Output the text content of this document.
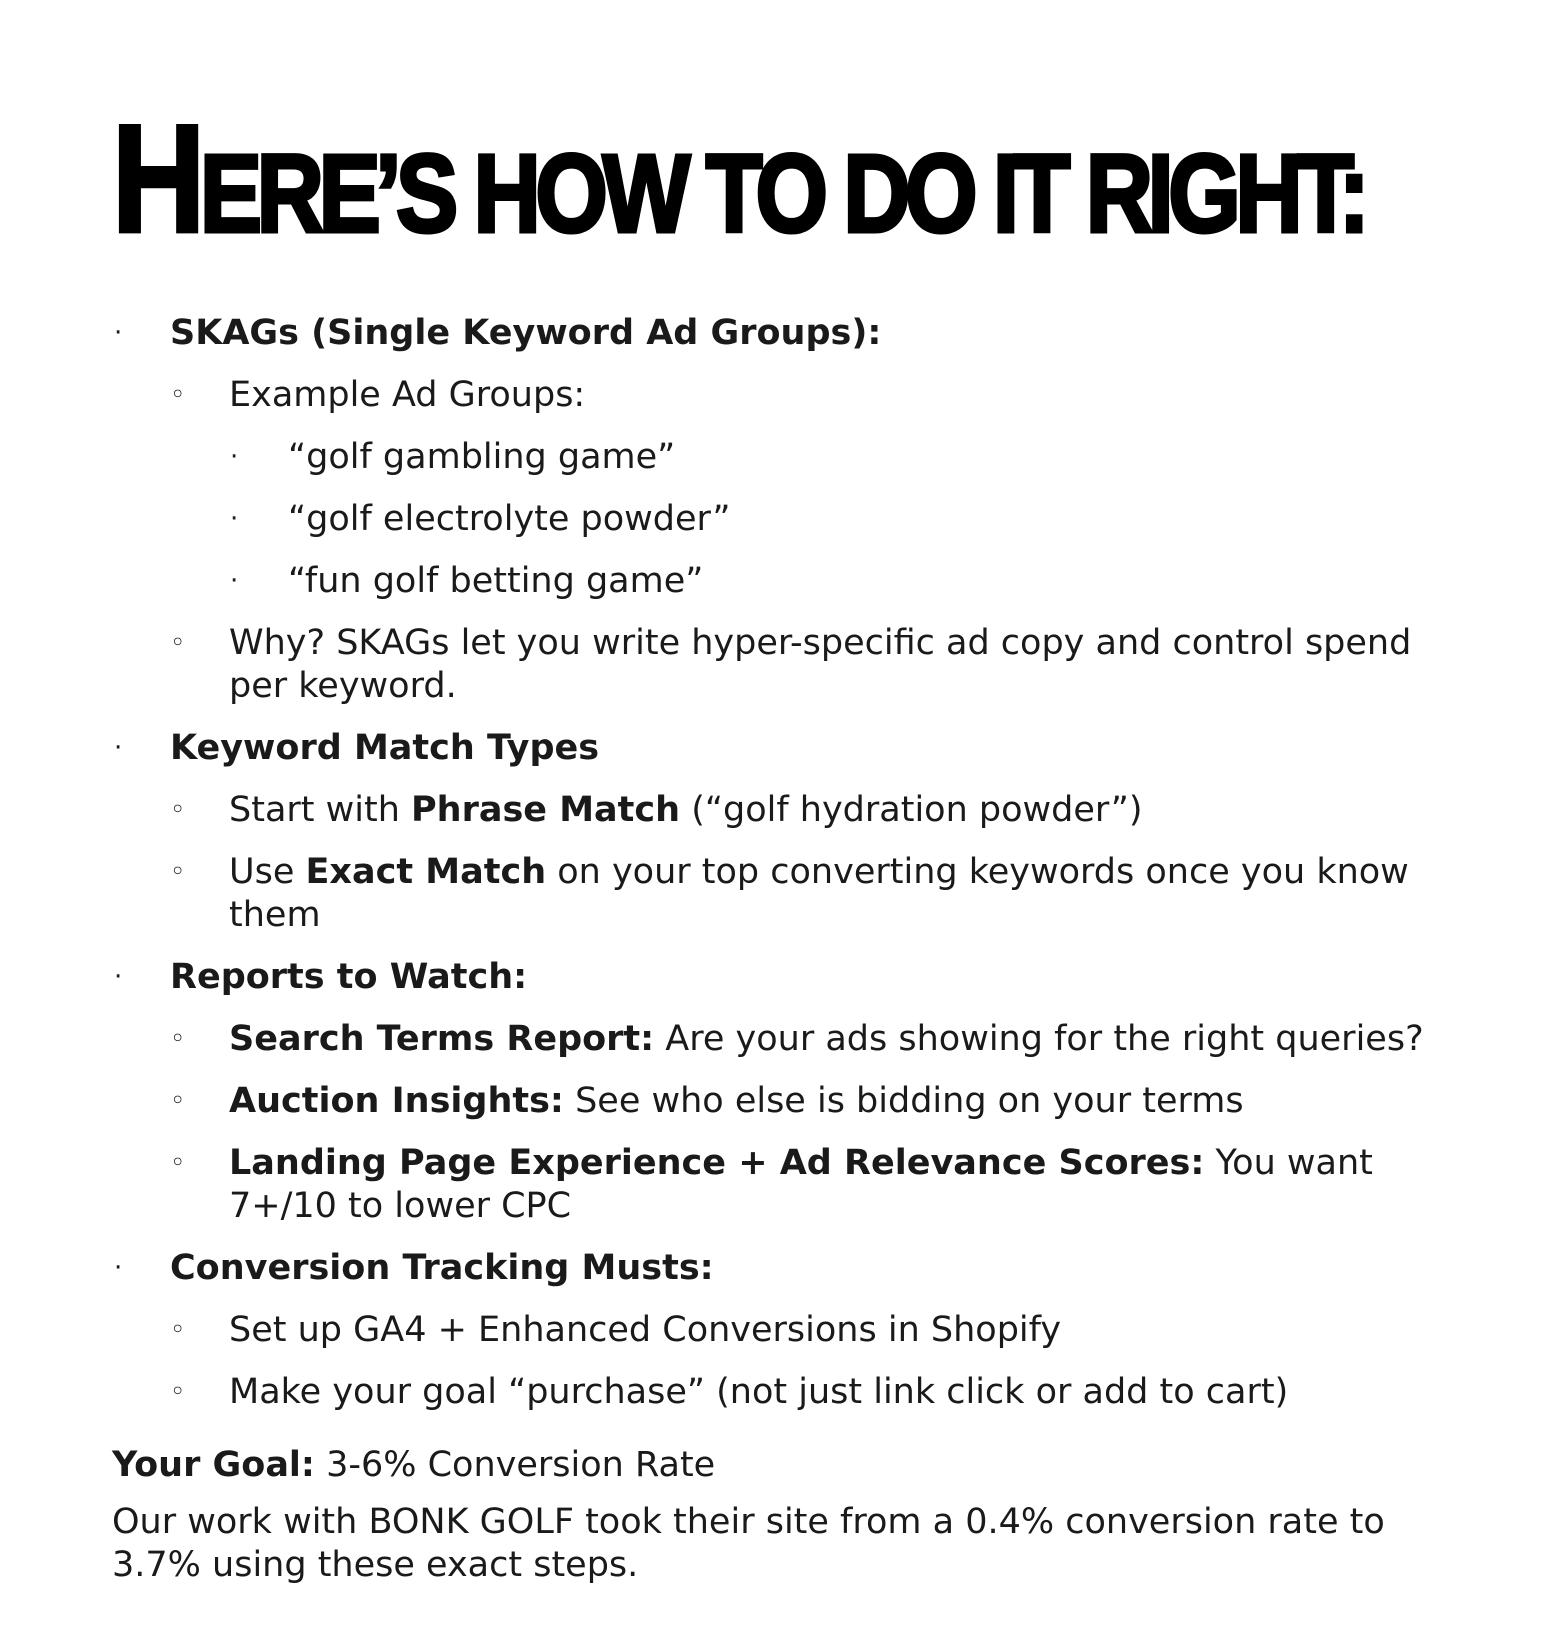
HERE’S HOW TO DO IT RIGHT:
· SKAGs (Single Keyword Ad Groups):
◦ Example Ad Groups:
· “golf gambling game”
· “golf electrolyte powder”
· “fun golf betting game”
◦ Why? SKAGs let you write hyper-specific ad copy and control spend per keyword.
· Keyword Match Types
◦ Start with Phrase Match (“golf hydration powder”)
◦ Use Exact Match on your top converting keywords once you know them
· Reports to Watch:
◦ Search Terms Report: Are your ads showing for the right queries?
◦ Auction Insights: See who else is bidding on your terms
◦ Landing Page Experience + Ad Relevance Scores: You want 7+/10 to lower CPC
· Conversion Tracking Musts:
◦ Set up GA4 + Enhanced Conversions in Shopify
◦ Make your goal “purchase” (not just link click or add to cart)
Your Goal: 3-6% Conversion Rate
Our work with BONK GOLF took their site from a 0.4% conversion rate to 3.7% using these exact steps.
